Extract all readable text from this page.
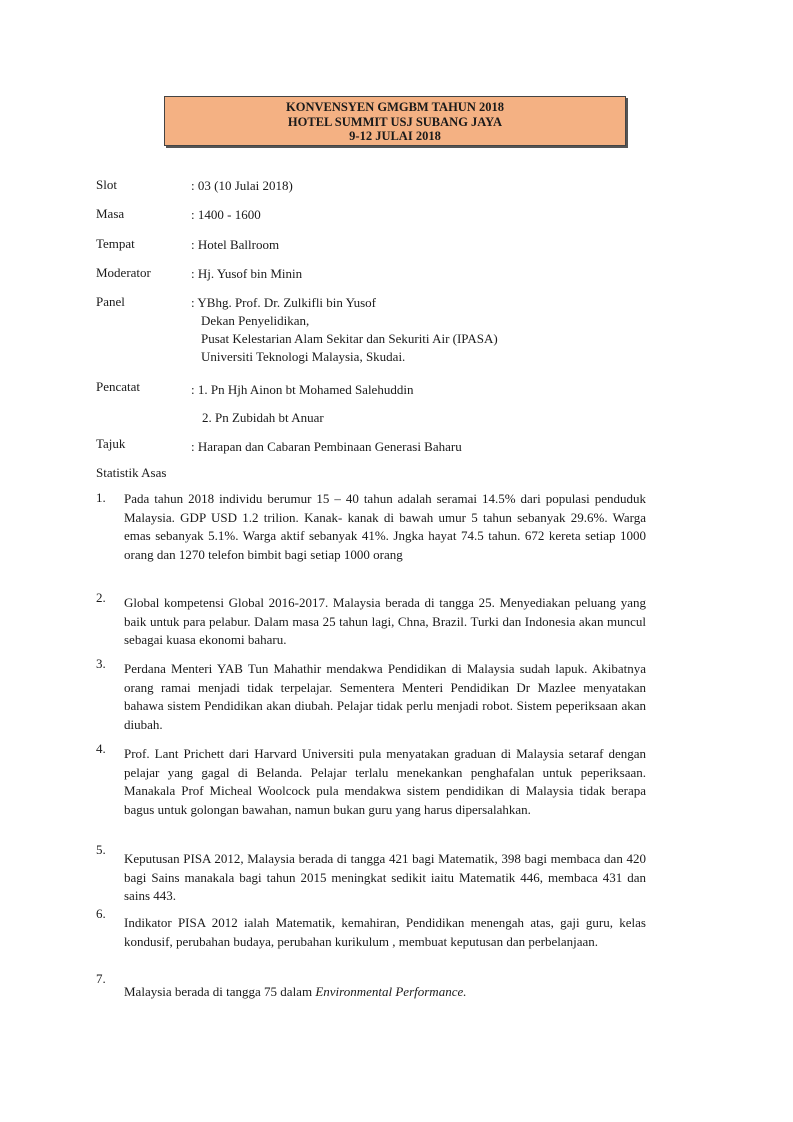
KONVENSYEN GMGBM TAHUN 2018
HOTEL SUMMIT USJ SUBANG JAYA
9-12 JULAI 2018
Slot	: 03 (10 Julai 2018)
Masa	: 1400 - 1600
Tempat	: Hotel Ballroom
Moderator	: Hj. Yusof bin Minin
Panel	: YBhg. Prof. Dr. Zulkifli bin Yusof
Dekan Penyelidikan,
Pusat Kelestarian Alam Sekitar dan Sekuriti Air (IPASA)
Universiti Teknologi Malaysia, Skudai.
Pencatat	: 1. Pn Hjh Ainon bt Mohamed Salehuddin
2. Pn Zubidah bt Anuar
Tajuk	: Harapan dan Cabaran Pembinaan Generasi Baharu
Statistik Asas
1. Pada tahun 2018 individu berumur 15 – 40 tahun adalah seramai 14.5% dari populasi penduduk Malaysia. GDP USD 1.2 trilion. Kanak- kanak di bawah umur 5 tahun sebanyak 29.6%. Warga emas sebanyak 5.1%. Warga aktif sebanyak 41%. Jngka hayat 74.5 tahun. 672 kereta setiap 1000 orang dan 1270 telefon bimbit bagi setiap 1000 orang
2. Global kompetensi Global 2016-2017. Malaysia berada di tangga 25. Menyediakan peluang yang baik untuk para pelabur. Dalam masa 25 tahun lagi, Chna, Brazil. Turki dan Indonesia akan muncul sebagai kuasa ekonomi baharu.
3. Perdana Menteri YAB Tun Mahathir mendakwa Pendidikan di Malaysia sudah lapuk. Akibatnya orang ramai menjadi tidak terpelajar. Sementera Menteri Pendidikan Dr Mazlee menyatakan bahawa sistem Pendidikan akan diubah. Pelajar tidak perlu menjadi robot. Sistem peperiksaan akan diubah.
4. Prof. Lant Prichett dari Harvard Universiti pula menyatakan graduan di Malaysia setaraf dengan pelajar yang gagal di Belanda. Pelajar terlalu menekankan penghafalan untuk peperiksaan. Manakala Prof Micheal Woolcock pula mendakwa sistem pendidikan di Malaysia tidak berapa bagus untuk golongan bawahan, namun bukan guru yang harus dipersalahkan.
5.
Keputusan PISA 2012, Malaysia berada di tangga 421 bagi Matematik, 398 bagi membaca dan 420 bagi Sains manakala bagi tahun 2015 meningkat sedikit iaitu Matematik 446, membaca 431 dan sains 443.
6.
Indikator PISA 2012 ialah Matematik, kemahiran, Pendidikan menengah atas, gaji guru, kelas kondusif, perubahan budaya, perubahan kurikulum , membuat keputusan dan perbelanjaan.
7.
Malaysia berada di tangga 75 dalam Environmental Performance.
